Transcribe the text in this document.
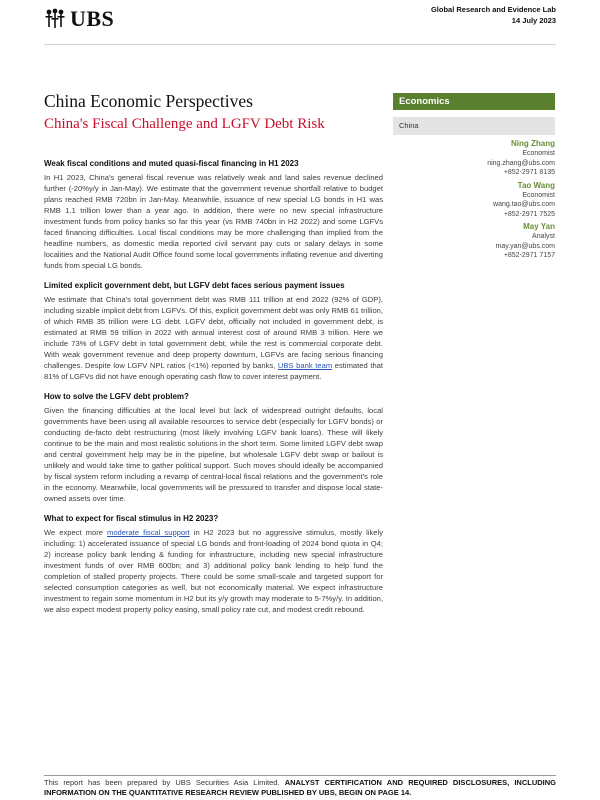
UBS	Global Research and Evidence Lab
14 July 2023
China Economic Perspectives
China's Fiscal Challenge and LGFV Debt Risk
Economics
China
Ning Zhang
Economist
ning.zhang@ubs.com
+852-2971 8135
Tao Wang
Economist
wang.tao@ubs.com
+852-2971 7525
May Yan
Analyst
may.yan@ubs.com
+852-2971 7157
Weak fiscal conditions and muted quasi-fiscal financing in H1 2023

In H1 2023, China's general fiscal revenue was relatively weak and land sales revenue declined further (-20%y/y in Jan-May). We estimate that the government revenue shortfall relative to budget plans reached RMB 720bn in Jan-May. Meanwhile, issuance of new special LG bonds in H1 was RMB 1.1 trillion lower than a year ago. In addition, there were no new special infrastructure investment funds from policy banks so far this year (vs RMB 740bn in H2 2022) and some LGFVs faced financing difficulties. Local fiscal conditions may be more challenging than implied from the headline numbers, as domestic media reported civil servant pay cuts or salary delays in some localities and the National Audit Office found some local governments inflating revenue and diverting funds from special LG bonds.

Limited explicit government debt, but LGFV debt faces serious payment issues

We estimate that China's total government debt was RMB 111 trillion at end 2022 (92% of GDP), including sizable implicit debt from LGFVs. Of this, explicit government debt was only RMB 61 trillion, of which RMB 35 trillion were LG debt. LGFV debt, officially not included in government debt, is estimated at RMB 59 trillion in 2022 with annual interest cost of around RMB 3 trillion. Here we include 73% of LGFV debt in total government debt, while the rest is commercial corporate debt. With weak government revenue and deep property downturn, LGFVs are facing serious financing challenges. Despite low LGFV NPL ratios (<1%) reported by banks, UBS bank team estimated that 81% of LGFVs did not have enough operating cash flow to cover interest payment.

How to solve the LGFV debt problem?

Given the financing difficulties at the local level but lack of widespread outright defaults, local governments have been using all available resources to service debt (especially for LGFV bonds) or conducting de-facto debt restructuring (most likely involving LGFV bank loans). These will likely continue to be the main and most realistic solutions in the short term. Some limited LGFV debt swap and central government help may be in the pipeline, but wholesale LGFV debt swap or bailout is unlikely and would take time to gather political support. Such moves should ideally be accompanied by fiscal system reform including a revamp of central-local fiscal relations and the government's role in the economy. Meanwhile, local governments will be pressured to transfer and dispose local state-owned assets over time.

What to expect for fiscal stimulus in H2 2023?

We expect more moderate fiscal support in H2 2023 but no aggressive stimulus, mostly likely including: 1) accelerated issuance of special LG bonds and front-loading of 2024 bond quota in Q4; 2) increase policy bank lending & funding for infrastructure, including new special infrastructure investment funds of over RMB 600bn; and 3) additional policy bank lending to help fund the completion of stalled property projects. There could be some small-scale and targeted support for selected consumption categories as well, but not economically material. We expect infrastructure investment to regain some momentum in H2 but its y/y growth may moderate to 5-7%y/y. In addition, we also expect modest property policy easing, small policy rate cut, and modest credit rebound.

This report has been prepared by UBS Securities Asia Limited. ANALYST CERTIFICATION AND REQUIRED DISCLOSURES, INCLUDING INFORMATION ON THE QUANTITATIVE RESEARCH REVIEW PUBLISHED BY UBS, BEGIN ON PAGE 14.
